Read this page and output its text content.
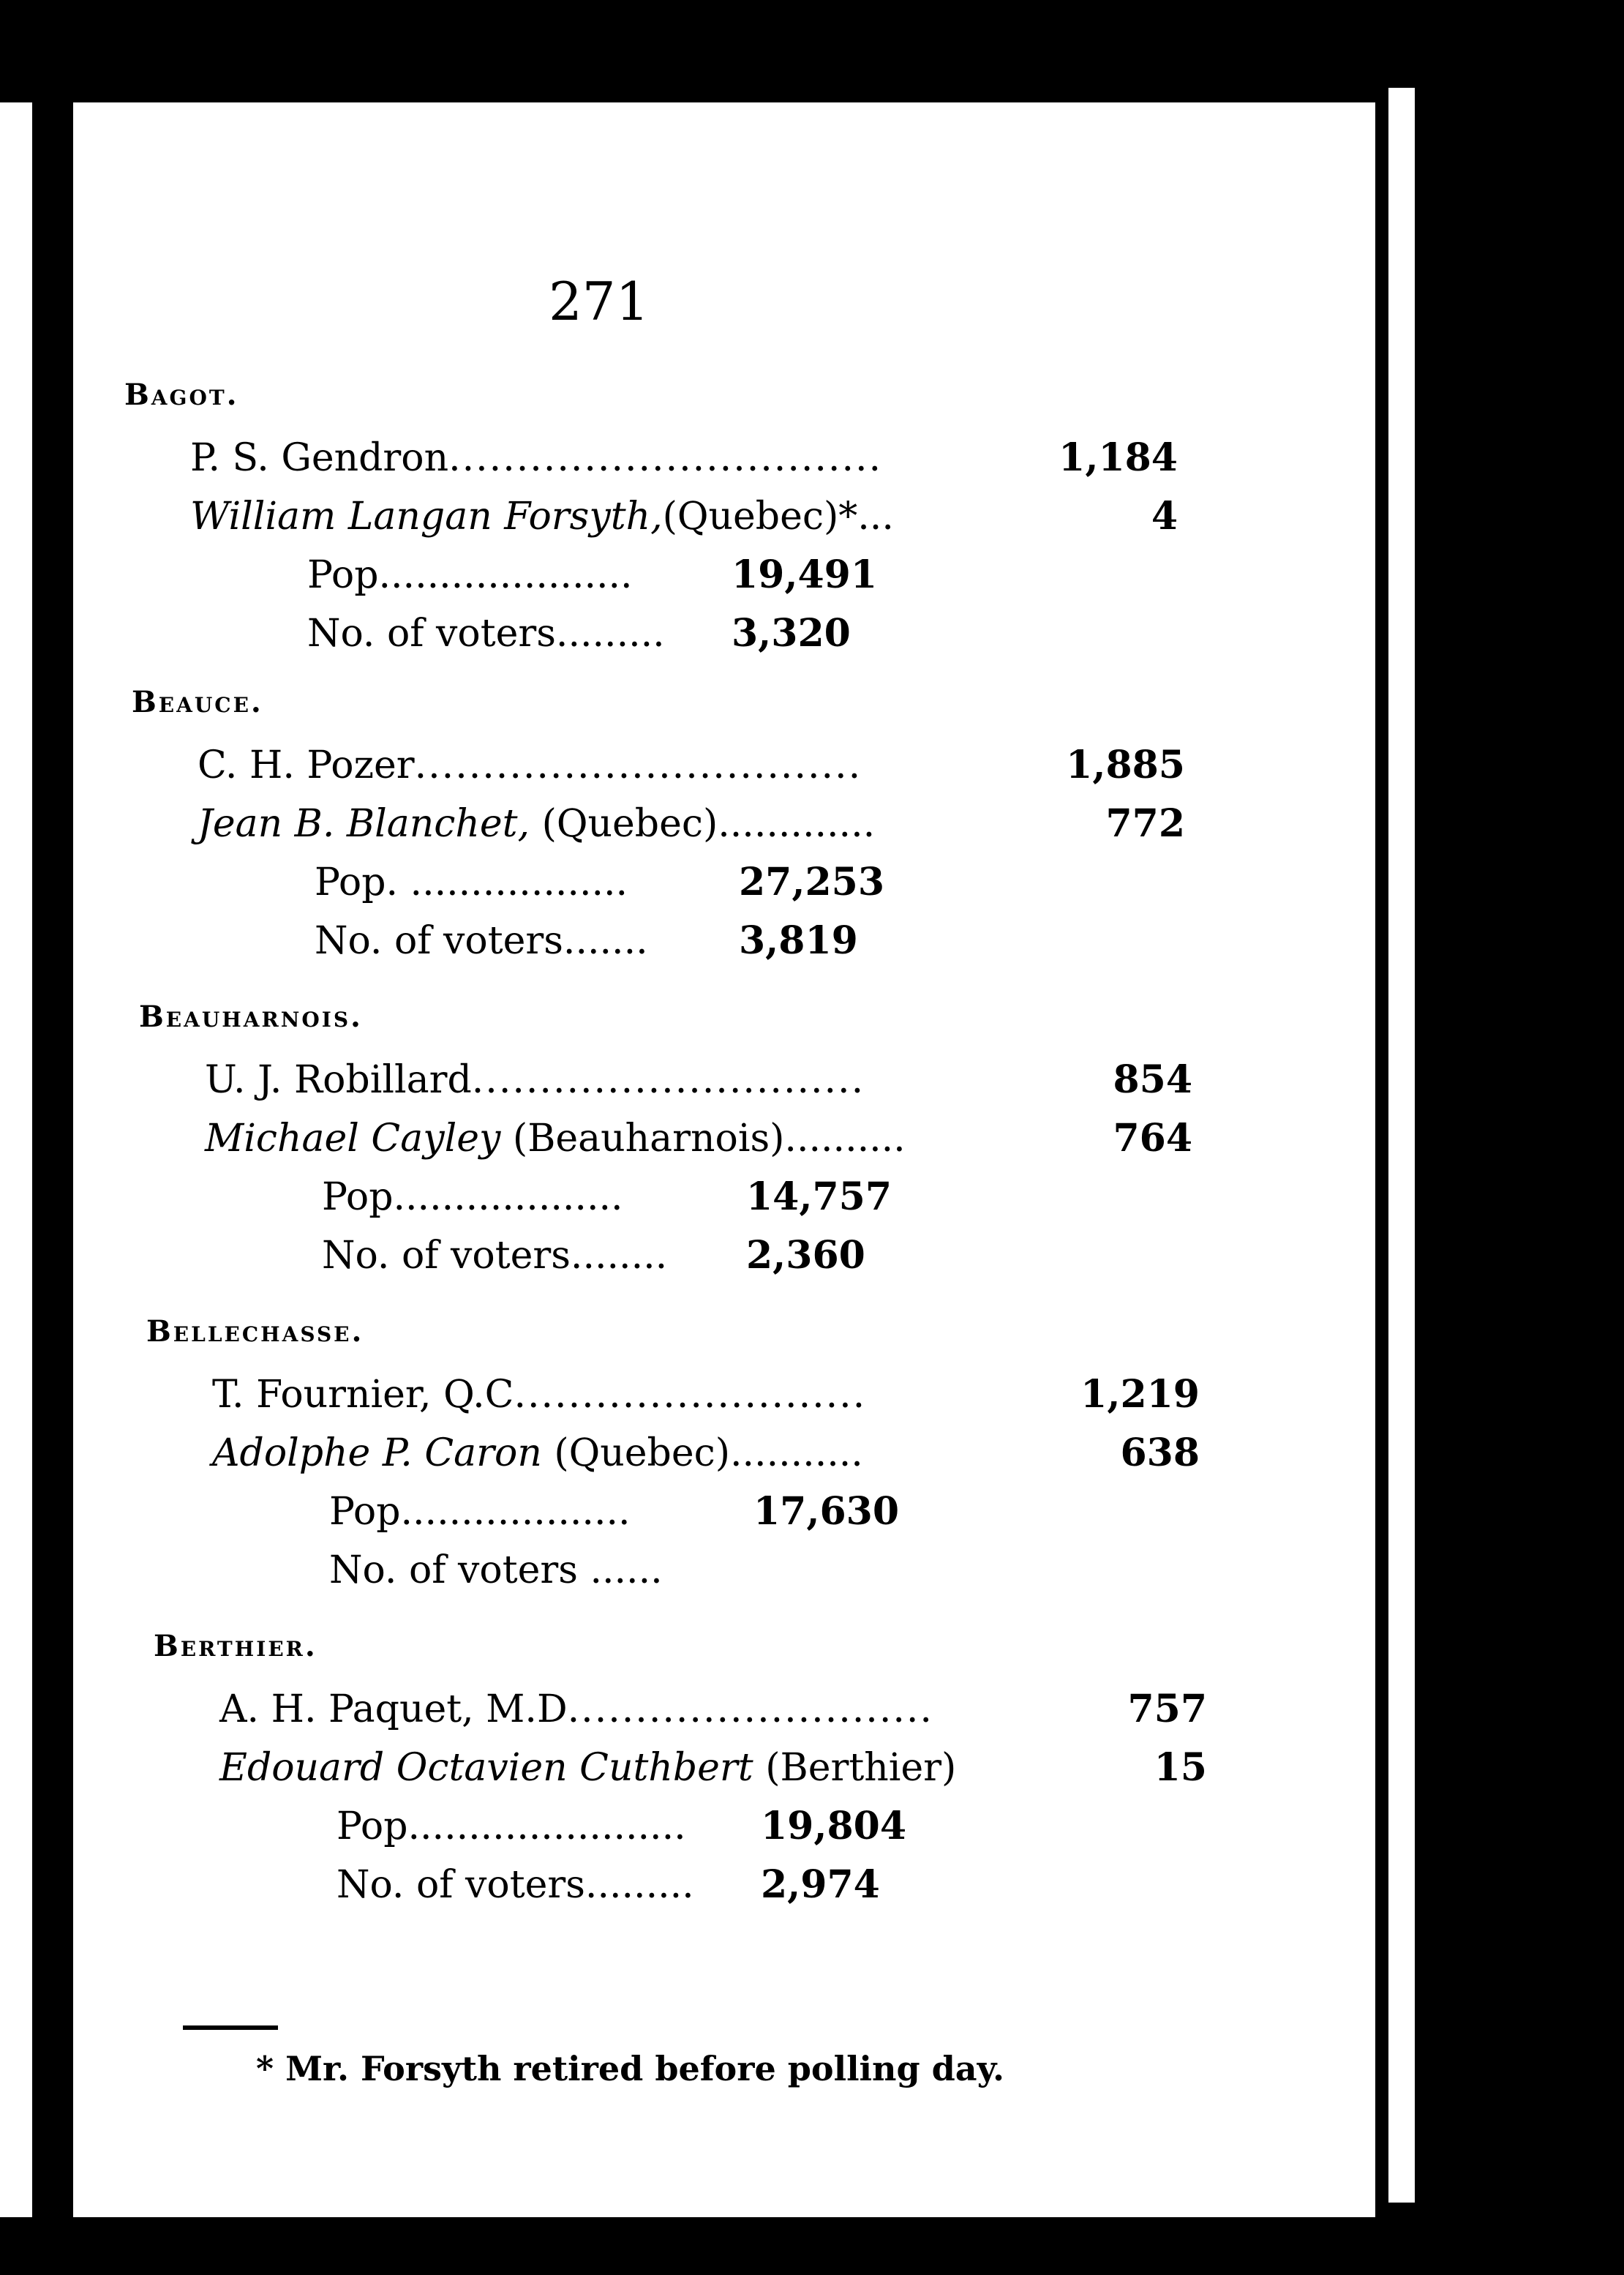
271
Bagot.
P. S. Gendron................................	1,184
William Langan Forsyth,(Quebec)*...	4
Pop.....................	19,491
No. of voters......... 3,320
Beauce.
C. H. Pozer.................................	1,885
Jean B. Blanchet, (Quebec).............	772
Pop. ..................	27,253
No. of voters....... 3,819
Beauharnois.
U. J. Robillard.............................	854
Michael Cayley (Beauharnois)..........	764
Pop...................	14,757
No. of voters........ 2,360
Bellechasse.
T. Fournier, Q.C..........................	1,219
Adolphe P. Caron (Quebec)...........	638
Pop...................	17,630
No. of voters ......
Berthier.
A. H. Paquet, M.D...........................	757
Edouard Octavien Cuthbert (Berthier)	15
Pop....................... 19,804
No. of voters......... 2,974
* Mr. Forsyth retired before polling day.
